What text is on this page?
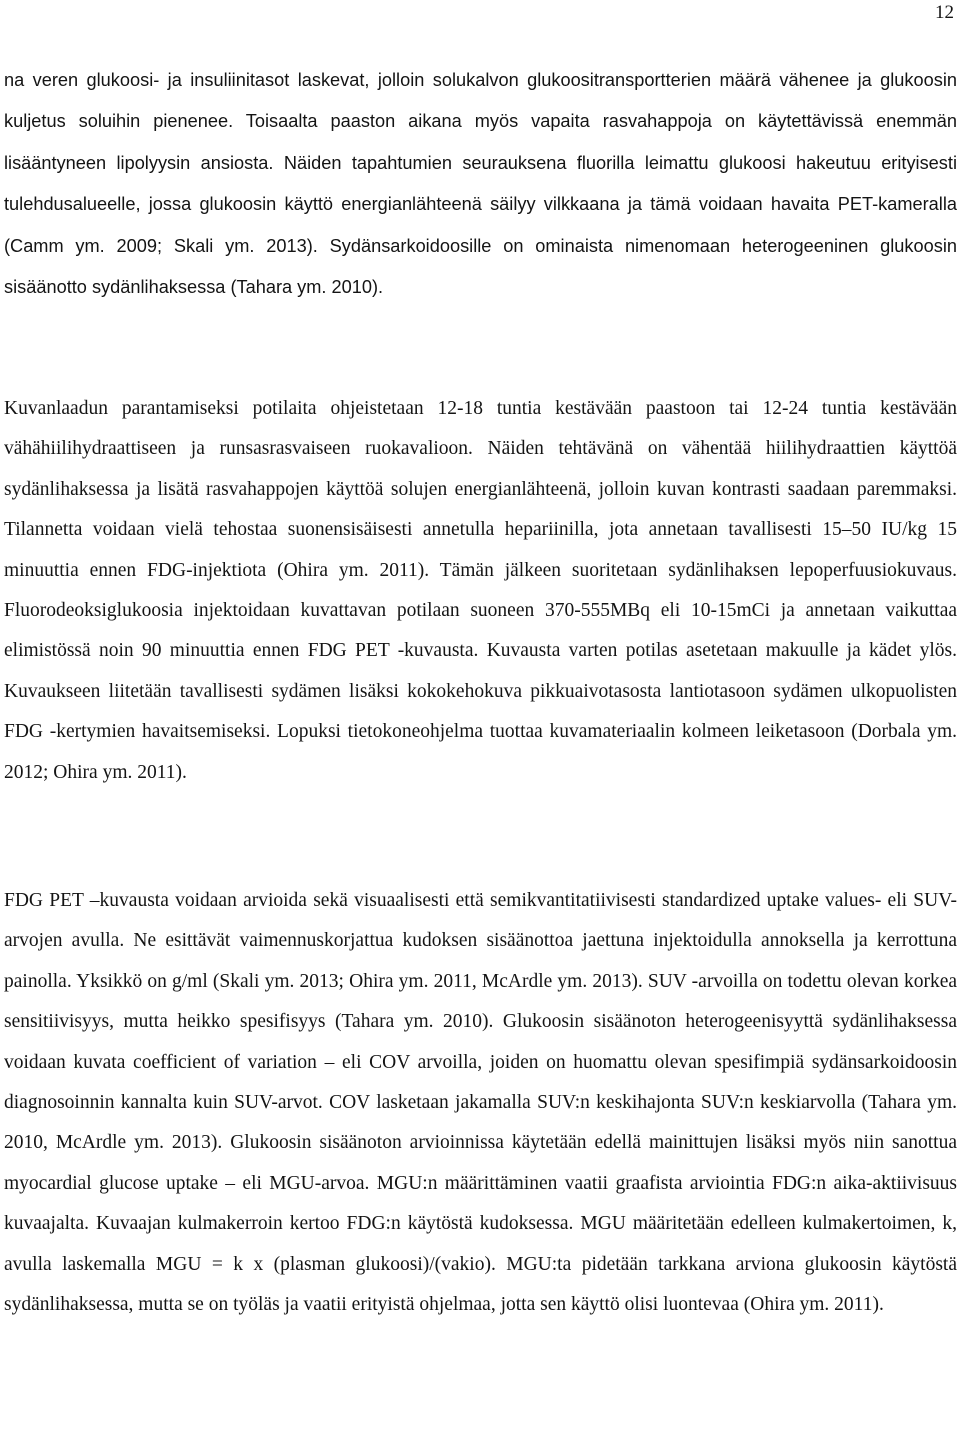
12

na veren glukoosi- ja insuliinitasot laskevat, jolloin solukalvon glukoositransportterien määrä vähenee ja glukoosin kuljetus soluihin pienenee. Toisaalta paaston aikana myös vapaita rasvahappoja on käytettävissä enemmän lisääntyneen lipolyysin ansiosta. Näiden tapahtumien seurauksena fluorilla leimattu glukoosi hakeutuu erityisesti tulehdusalueelle, jossa glukoosin käyttö energianlähteenä säilyy vilkkaana ja tämä voidaan havaita PET-kameralla (Camm ym. 2009; Skali ym. 2013). Sydänsarkoidoosille on ominaista nimenomaan heterogeeninen glukoosin sisäänotto sydänlihaksessa (Tahara ym. 2010).

Kuvanlaadun parantamiseksi potilaita ohjeistetaan 12-18 tuntia kestävään paastoon tai 12-24 tuntia kestävään vähähiilihydraattiseen ja runsasrasvaiseen ruokavalioon. Näiden tehtävänä on vähentää hiilihydraattien käyttöä sydänlihaksessa ja lisätä rasvahappojen käyttöä solujen energianlähteenä, jolloin kuvan kontrasti saadaan paremmaksi. Tilannetta voidaan vielä tehostaa suonensisäisesti annetulla hepariinilla, jota annetaan tavallisesti 15–50 IU/kg 15 minuuttia ennen FDG-injektiota (Ohira ym. 2011). Tämän jälkeen suoritetaan sydänlihaksen lepoperfuusiokuvaus. Fluorodeoksiglukoosia injektoidaan kuvattavan potilaan suoneen 370-555MBq eli 10-15mCi ja annetaan vaikuttaa elimistössä noin 90 minuuttia ennen FDG PET -kuvausta. Kuvausta varten potilas asetetaan makuulle ja kädet ylös. Kuvaukseen liitetään tavallisesti sydämen lisäksi kokokehokuva pikkuaivotasosta lantiotasoon sydämen ulkopuolisten FDG -kertymien havaitsemiseksi. Lopuksi tietokoneohjelma tuottaa kuvamateriaalin kolmeen leiketasoon (Dorbala ym. 2012; Ohira ym. 2011).

FDG PET –kuvausta voidaan arvioida sekä visuaalisesti että semikvantitatiivisesti standardized uptake values- eli SUV-arvojen avulla. Ne esittävät vaimennuskorjattua kudoksen sisäänottoa jaettuna injektoidulla annoksella ja kerrottuna painolla. Yksikkö on g/ml (Skali ym. 2013; Ohira ym. 2011, McArdle ym. 2013). SUV -arvoilla on todettu olevan korkea sensitiivisyys, mutta heikko spesifisyys (Tahara ym. 2010). Glukoosin sisäänoton heterogeenisyyttä sydänlihaksessa voidaan kuvata coefficient of variation – eli COV arvoilla, joiden on huomattu olevan spesifimpiä sydänsarkoidoosin diagnosoinnin kannalta kuin SUV-arvot. COV lasketaan jakamalla SUV:n keskihajonta SUV:n keskiarvolla (Tahara ym. 2010, McArdle ym. 2013). Glukoosin sisäänoton arvioinnissa käytetään edellä mainittujen lisäksi myös niin sanottua myocardial glucose uptake – eli MGU-arvoa. MGU:n määrittäminen vaatii graafista arviointia FDG:n aika-aktiivisuus kuvaajalta. Kuvaajan kulmakerroin kertoo FDG:n käytöstä kudoksessa. MGU määritetään edelleen kulmakertoimen, k, avulla laskemalla MGU = k x (plasman glukoosi)/(vakio). MGU:ta pidetään tarkkana arviona glukoosin käytöstä sydänlihaksessa, mutta se on työläs ja vaatii erityistä ohjelmaa, jotta sen käyttö olisi luontevaa (Ohira ym. 2011).
